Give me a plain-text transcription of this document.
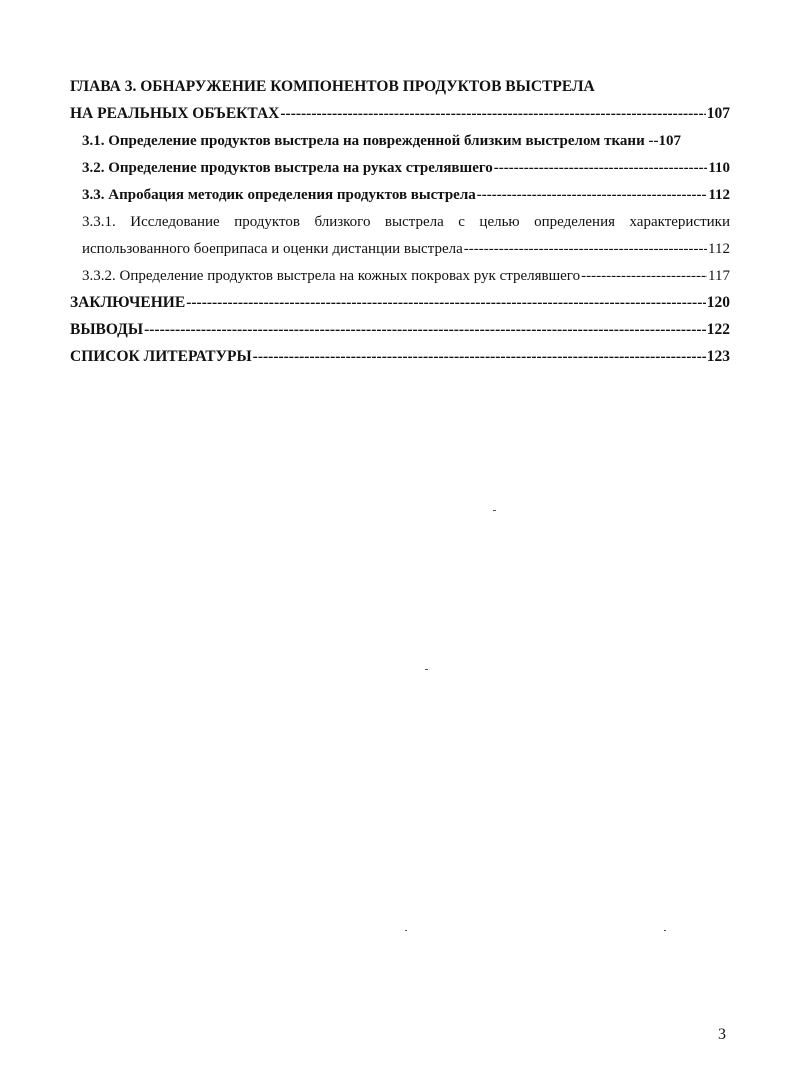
ГЛАВА 3. ОБНАРУЖЕНИЕ КОМПОНЕНТОВ ПРОДУКТОВ ВЫСТРЕЛА
НА РЕАЛЬНЫХ ОБЪЕКТАХ -----	107
3.1. Определение продуктов выстрела на поврежденной близким выстрелом ткани -- 107
3.2. Определение продуктов выстрела на руках стрелявшего -----	110
3.3. Апробация методик определения продуктов выстрела -----	112
3.3.1. Исследование продуктов близкого выстрела с целью определения характеристики
использованного боеприпаса и оценки дистанции выстрела -----	112
3.3.2. Определение продуктов выстрела на кожных покровах рук стрелявшего -----	117
ЗАКЛЮЧЕНИЕ -----	120
ВЫВОДЫ -----	122
СПИСОК ЛИТЕРАТУРЫ -----	123
3
